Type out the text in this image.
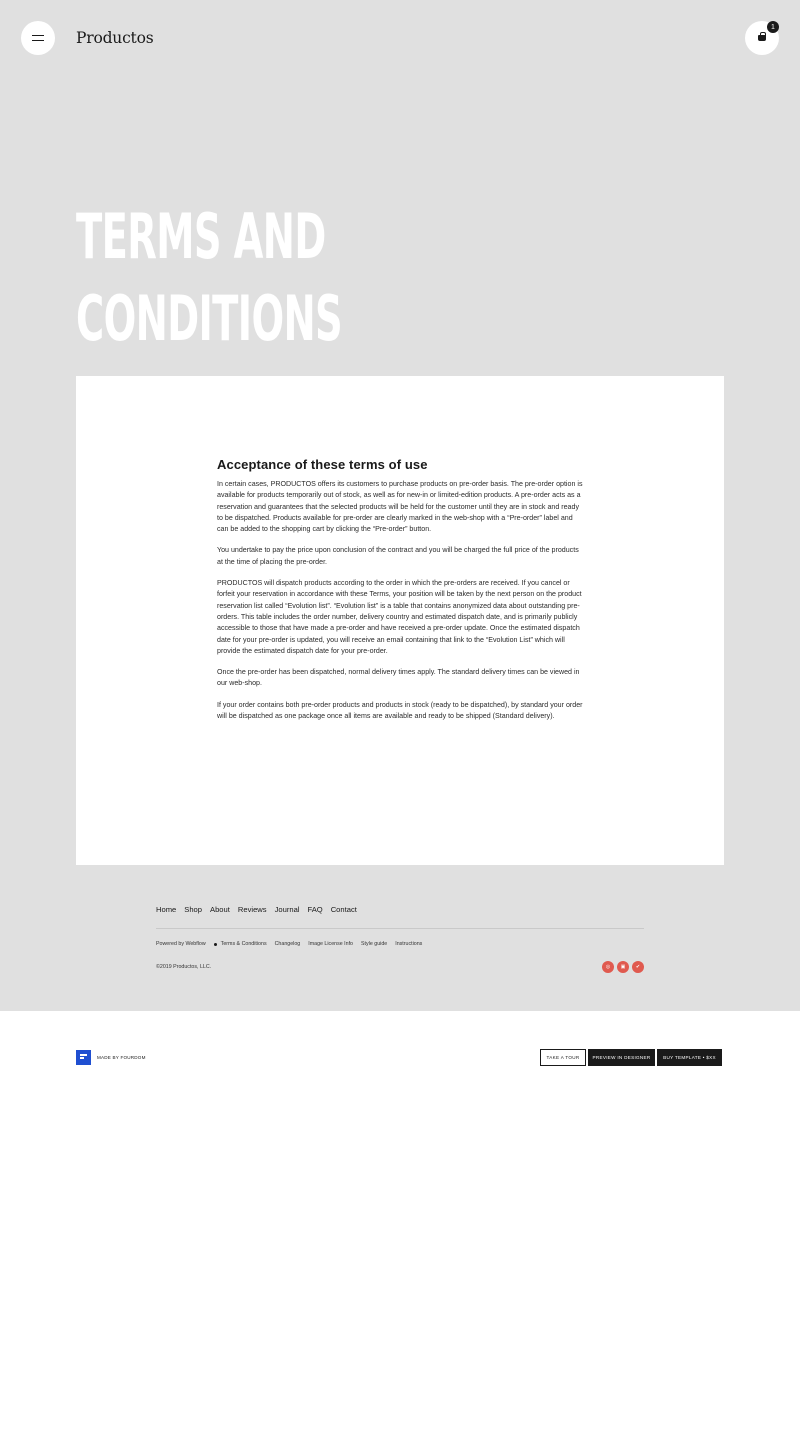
Productos
1
TERMS AND
CONDITIONS
Acceptance of these terms of use

In certain cases, PRODUCTOS offers its customers to purchase products on pre-order basis. The pre-order option is available for products temporarily out of stock, as well as for new-in or limited-edition products. A pre-order acts as a reservation and guarantees that the selected products will be held for the customer until they are in stock and ready to be dispatched. Products available for pre-order are clearly marked in the web-shop with a “Pre-order” label and can be added to the shopping cart by clicking the “Pre-order” button.

You undertake to pay the price upon conclusion of the contract and you will be charged the full price of the products at the time of placing the pre-order.

PRODUCTOS will dispatch products according to the order in which the pre-orders are received. If you cancel or forfeit your reservation in accordance with these Terms, your position will be taken by the next person on the product reservation list called “Evolution list”. “Evolution list” is a table that contains anonymized data about outstanding pre-orders. This table includes the order number, delivery country and estimated dispatch date, and is primarily publicly accessible to those that have made a pre-order and have received a pre-order update. Once the estimated dispatch date for your pre-order is updated, you will receive an email containing that link to the “Evolution List” which will provide the estimated dispatch date for your pre-order.

Once the pre-order has been dispatched, normal delivery times apply. The standard delivery times can be viewed in our web-shop.

If your order contains both pre-order products and products in stock (ready to be dispatched), by standard your order will be dispatched as one package once all items are available and ready to be shipped (Standard delivery).

Home Shop About Reviews Journal FAQ Contact
Powered by Webflow	Terms & Conditions Changelog Image License Info Style guide Instructions
©2019 Productos, LLC.	◎ ▣ ✔
MADE BY FOURDOM	TAKE A TOUR	PREVIEW IN DESIGNER	BUY TEMPLATE • $XX
